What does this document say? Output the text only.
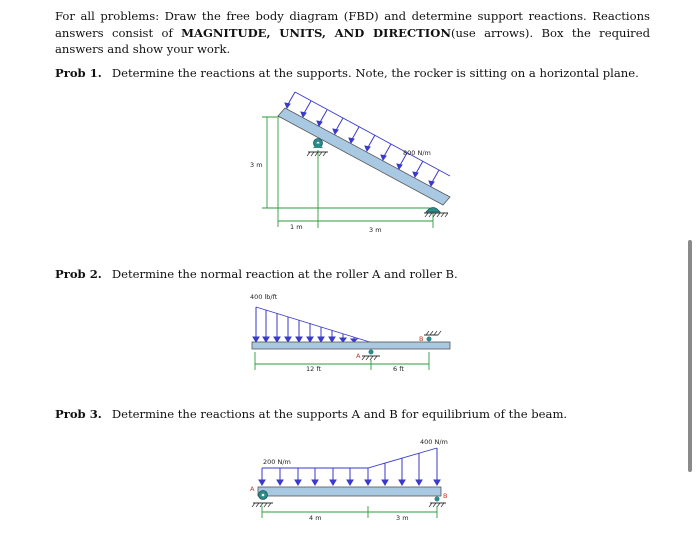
For all problems: Draw the free body diagram (FBD) and determine support reactions. Reactions answers consist of MAGNITUDE, UNITS, AND DIRECTION(use arrows). Box the required answers and show your work.
Prob 1. Determine the reactions at the supports. Note, the rocker is sitting on a horizontal plane.
3 m
1 m	3 m
800 N/m
Prob 2. Determine the normal reaction at the roller A and roller B.
400 lb/ft
A
B
12 ft	6 ft
Prob 3. Determine the reactions at the supports A and B for equilibrium of the beam.
400 N/m
200 N/m
A
B
4 m	3 m
